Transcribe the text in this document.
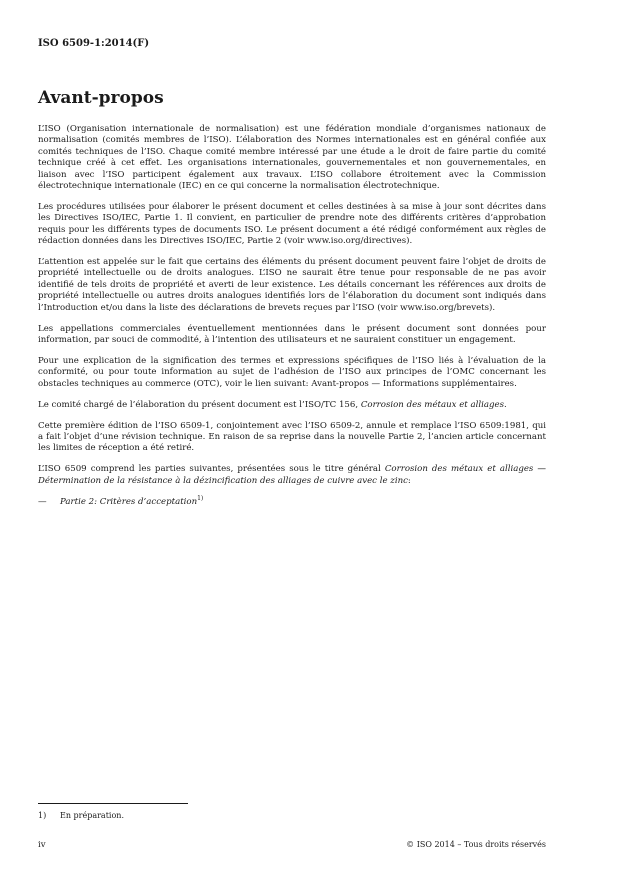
ISO 6509-1:2014(F)
Avant-propos

L’ISO (Organisation internationale de normalisation) est une fédération mondiale d’organismes nationaux de normalisation (comités membres de l’ISO). L’élaboration des Normes internationales est en général confiée aux comités techniques de l’ISO. Chaque comité membre intéressé par une étude a le droit de faire partie du comité technique créé à cet effet. Les organisations internationales, gouvernementales et non gouvernementales, en liaison avec l’ISO participent également aux travaux. L’ISO collabore étroitement avec la Commission électrotechnique internationale (IEC) en ce qui concerne la normalisation électrotechnique.

Les procédures utilisées pour élaborer le présent document et celles destinées à sa mise à jour sont décrites dans les Directives ISO/IEC, Partie 1. Il convient, en particulier de prendre note des différents critères d’approbation requis pour les différents types de documents ISO. Le présent document a été rédigé conformément aux règles de rédaction données dans les Directives ISO/IEC, Partie 2 (voir www.iso.org/directives).

L’attention est appelée sur le fait que certains des éléments du présent document peuvent faire l’objet de droits de propriété intellectuelle ou de droits analogues. L’ISO ne saurait être tenue pour responsable de ne pas avoir identifié de tels droits de propriété et averti de leur existence. Les détails concernant les références aux droits de propriété intellectuelle ou autres droits analogues identifiés lors de l’élaboration du document sont indiqués dans l’Introduction et/ou dans la liste des déclarations de brevets reçues par l’ISO (voir www.iso.org/brevets).

Les appellations commerciales éventuellement mentionnées dans le présent document sont données pour information, par souci de commodité, à l’intention des utilisateurs et ne sauraient constituer un engagement.

Pour une explication de la signification des termes et expressions spécifiques de l’ISO liés à l’évaluation de la conformité, ou pour toute information au sujet de l’adhésion de l’ISO aux principes de l’OMC concernant les obstacles techniques au commerce (OTC), voir le lien suivant: Avant-propos — Informations supplémentaires.

Le comité chargé de l’élaboration du présent document est l’ISO/TC 156, Corrosion des métaux et alliages.

Cette première édition de l’ISO 6509-1, conjointement avec l’ISO 6509-2, annule et remplace l’ISO 6509:1981, qui a fait l’objet d’une révision technique. En raison de sa reprise dans la nouvelle Partie 2, l’ancien article concernant les limites de réception a été retiré.

L’ISO 6509 comprend les parties suivantes, présentées sous le titre général Corrosion des métaux et alliages — Détermination de la résistance à la dézincification des alliages de cuivre avec le zinc:

—	Partie 2: Critères d’acceptation$^{1)}$

1) En préparation.
iv	© ISO 2014 – Tous droits réservés
